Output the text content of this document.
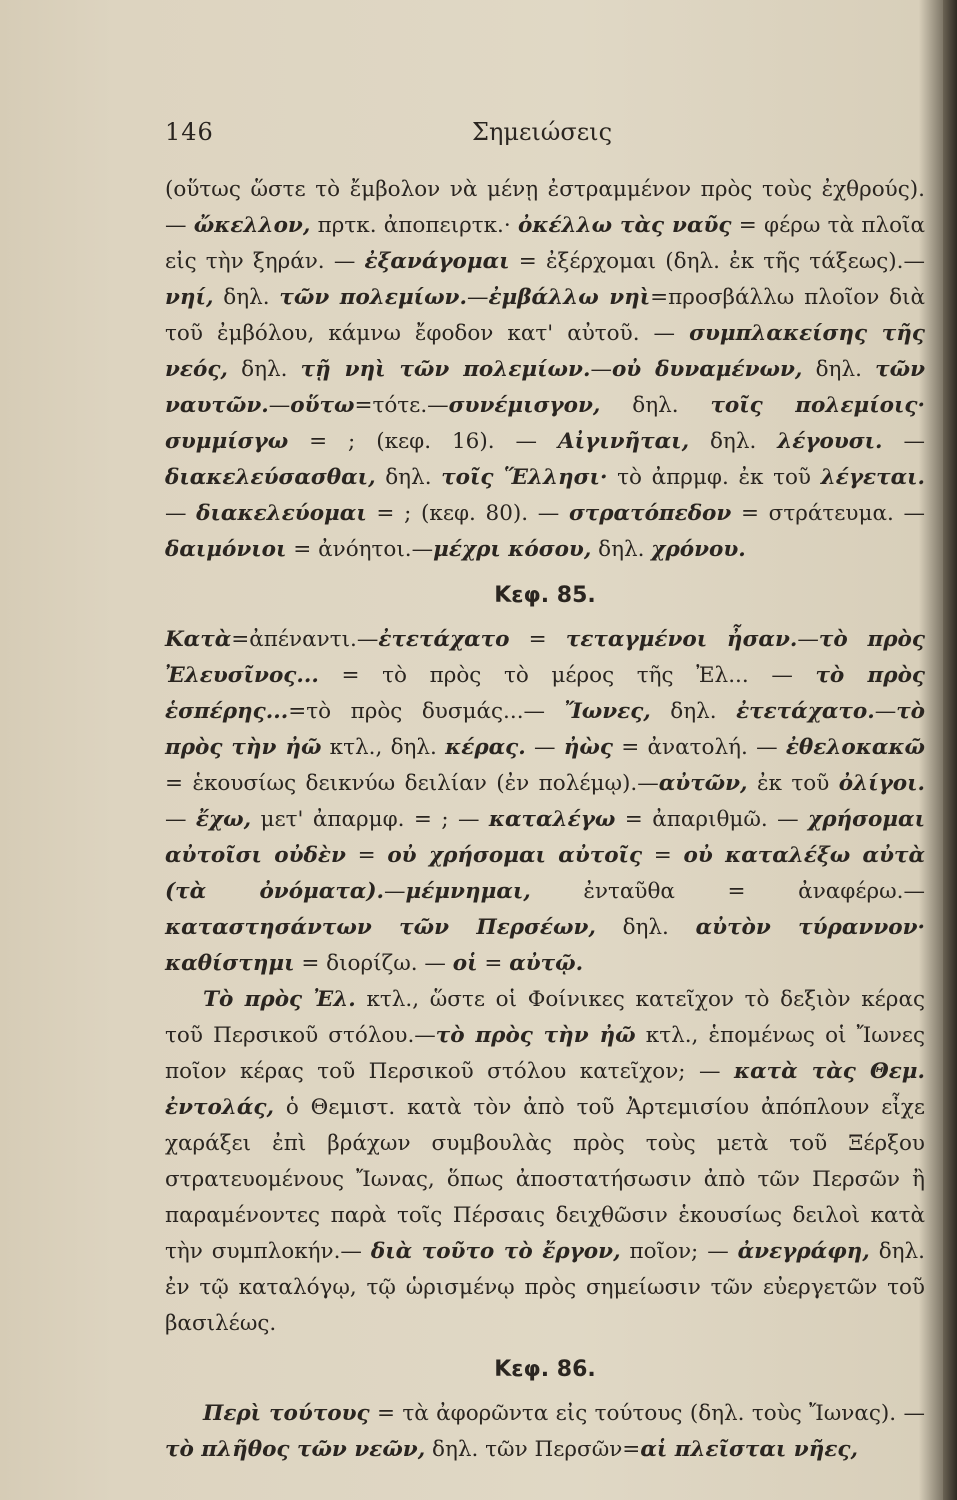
146	Σημειώσεις

(οὕτως ὥστε τὸ ἔμβολον νὰ μένῃ ἐστραμμένον πρὸς τοὺς ἐχθρούς). — ὤκελλον, πρτκ. ἀποπειρτκ.· ὀκέλλω τὰς ναῦς = φέρω τὰ πλοῖα εἰς τὴν ξηράν. — ἐξανάγομαι = ἐξέρχομαι (δηλ. ἐκ τῆς τάξεως).—νηί, δηλ. τῶν πολεμίων.—ἐμβάλλω νηὶ=προσβάλλω πλοῖον διὰ τοῦ ἐμβόλου, κάμνω ἔφοδον κατ' αὐτοῦ. — συμπλακείσης τῆς νεός, δηλ. τῇ νηὶ τῶν πολεμίων.—οὐ δυναμένων, δηλ. τῶν ναυτῶν.—οὕτω=τότε.—συνέμισγον, δηλ. τοῖς πολεμίοις· συμμίσγω = ; (κεφ. 16). — Αἰγινῆται, δηλ. λέγουσι. — διακελεύσασθαι, δηλ. τοῖς Ἕλλησι· τὸ ἀπρμφ. ἐκ τοῦ λέγεται. — διακελεύομαι = ; (κεφ. 80). — στρατόπεδον = στράτευμα. — δαιμόνιοι = ἀνόητοι.—μέχρι κόσου, δηλ. χρόνου.

Κεφ. 85.

Κατὰ=ἀπέναντι.—ἐτετάχατο = τεταγμένοι ἦσαν.—τὸ πρὸς Ἐλευσῖνος... = τὸ πρὸς τὸ μέρος τῆς Ἐλ... — τὸ πρὸς ἑσπέρης...=τὸ πρὸς δυσμάς...— Ἴωνες, δηλ. ἐτετάχατο.—τὸ πρὸς τὴν ἠῶ κτλ., δηλ. κέρας. — ἠὼς = ἀνατολή. — ἐθελοκακῶ = ἑκουσίως δεικνύω δειλίαν (ἐν πολέμῳ).—αὐτῶν, ἐκ τοῦ ὀλίγοι.— ἔχω, μετ' ἀπαρμφ. = ; — καταλέγω = ἀπαριθμῶ. — χρήσομαι αὐτοῖσι οὐδὲν = οὐ χρήσομαι αὐτοῖς = οὐ καταλέξω αὐτὰ (τὰ ὀνόματα).—μέμνημαι, ἐνταῦθα = ἀναφέρω.—καταστησάντων τῶν Περσέων, δηλ. αὐτὸν τύραννον· καθίστημι = διορίζω. — οἱ = αὐτῷ.

Τὸ πρὸς Ἐλ. κτλ., ὥστε οἱ Φοίνικες κατεῖχον τὸ δεξιὸν κέρας τοῦ Περσικοῦ στόλου.—τὸ πρὸς τὴν ἠῶ κτλ., ἑπομένως οἱ Ἴωνες ποῖον κέρας τοῦ Περσικοῦ στόλου κατεῖχον; — κατὰ τὰς Θεμ. ἐντολάς, ὁ Θεμιστ. κατὰ τὸν ἀπὸ τοῦ Ἀρτεμισίου ἀπόπλουν εἶχε χαράξει ἐπὶ βράχων συμβουλὰς πρὸς τοὺς μετὰ τοῦ Ξέρξου στρατευομένους Ἴωνας, ὅπως ἀποστατήσωσιν ἀπὸ τῶν Περσῶν ἢ παραμένοντες παρὰ τοῖς Πέρσαις δειχθῶσιν ἑκουσίως δειλοὶ κατὰ τὴν συμπλοκήν.— διὰ τοῦτο τὸ ἔργον, ποῖον; — ἀνεγράφη, δηλ. ἐν τῷ καταλόγῳ, τῷ ὡρισμένῳ πρὸς σημείωσιν τῶν εὐεργετῶν τοῦ βασιλέως.

Κεφ. 86.

Περὶ τούτους = τὰ ἀφορῶντα εἰς τούτους (δηλ. τοὺς Ἴωνας). — τὸ πλῆθος τῶν νεῶν, δηλ. τῶν Περσῶν=αἱ πλεῖσται νῆες,
